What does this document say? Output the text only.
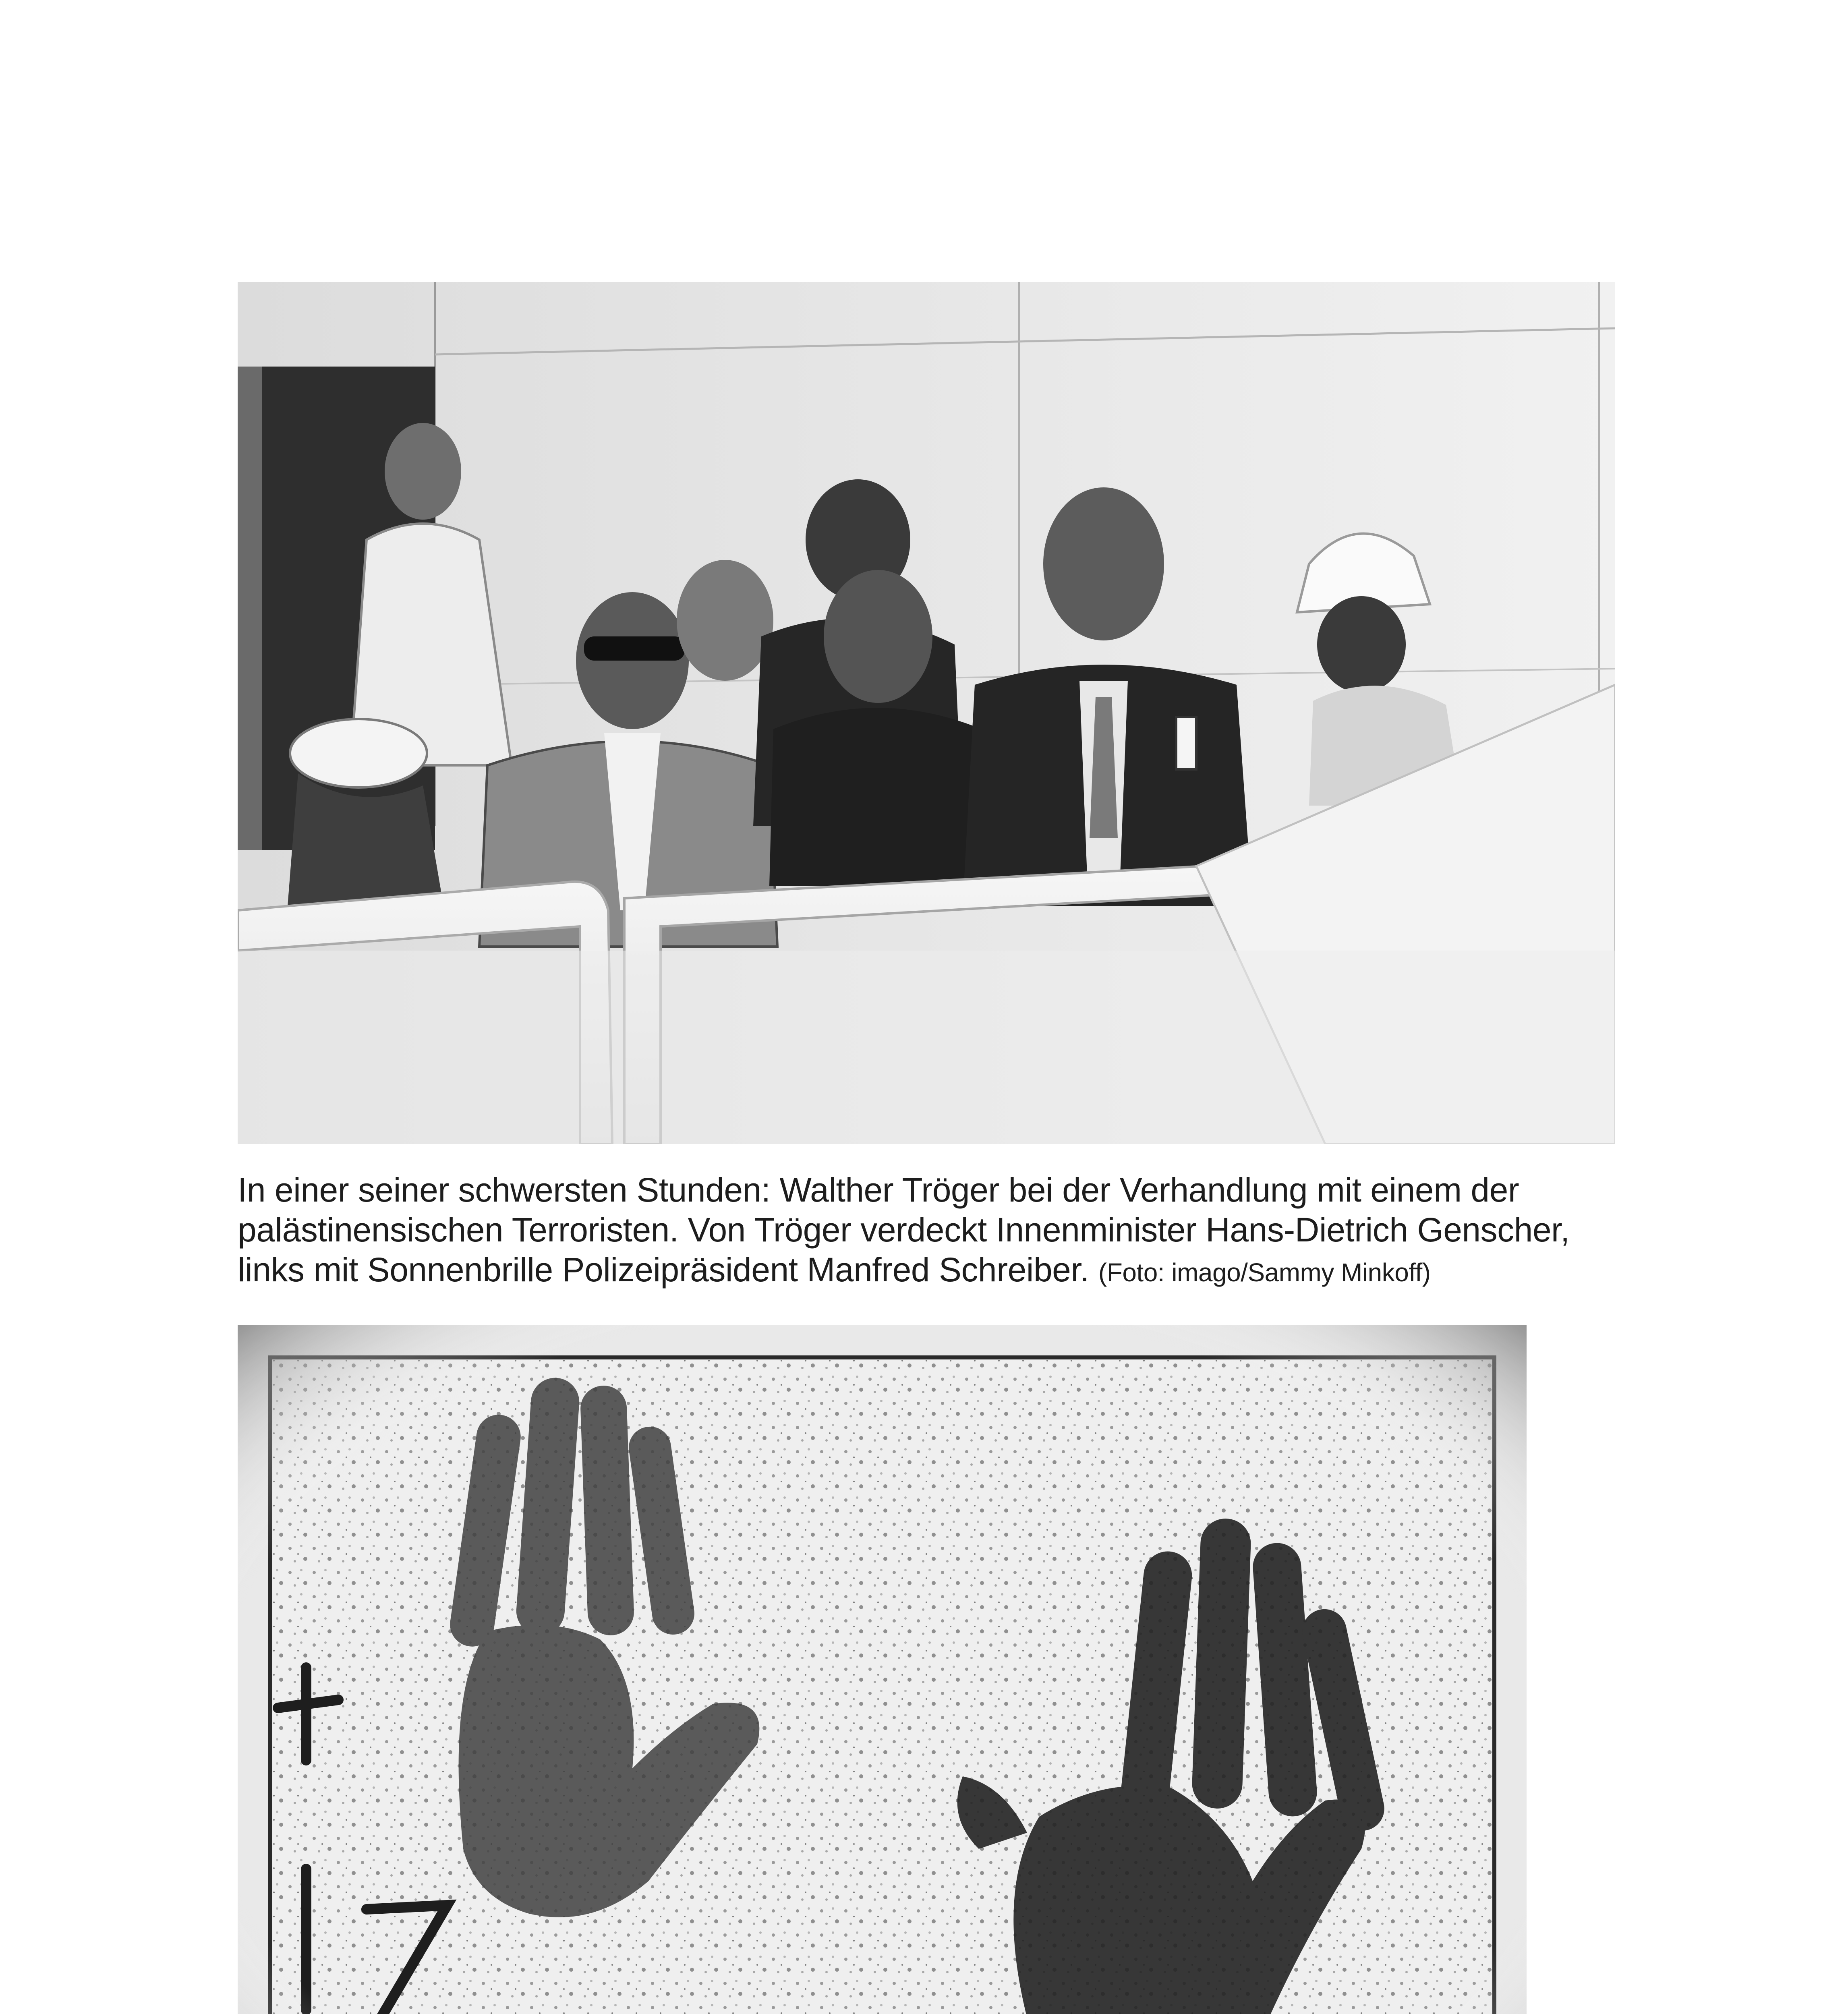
In einer seiner schwersten Stunden: Walther Tröger bei der Verhandlung mit einem der palästinensischen Terroristen. Von Tröger verdeckt Innenminister Hans-Dietrich Genscher, links mit Sonnenbrille Polizeipräsident Manfred Schreiber. (Foto: imago/Sammy Minkoff)
